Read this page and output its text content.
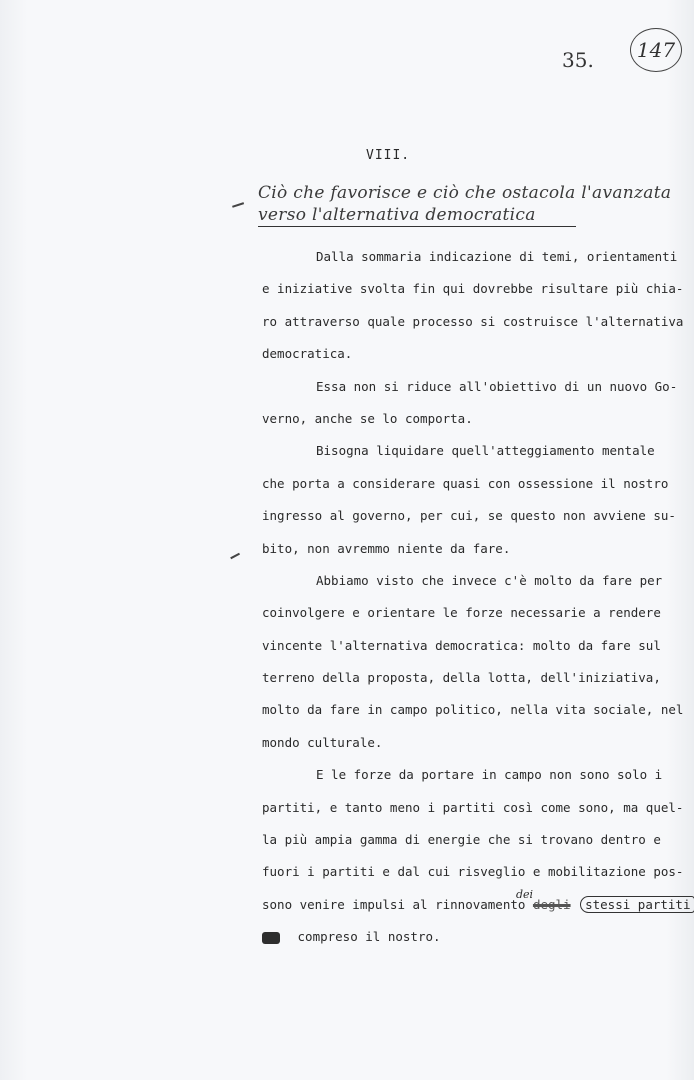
35.	147
VIII.
Ciò che favorisce e ciò che ostacola l'avanzata
verso l'alternativa democratica
Dalla sommaria indicazione di temi, orientamenti
e iniziative svolta fin qui dovrebbe risultare più chia-
ro attraverso quale processo si costruisce l'alternativa
democratica.
Essa non si riduce all'obiettivo di un nuovo Go-
verno, anche se lo comporta.
Bisogna liquidare quell'atteggiamento mentale
che porta a considerare quasi con ossessione il nostro
ingresso al governo, per cui, se questo non avviene su-
bito, non avremmo niente da fare.
Abbiamo visto che invece c'è molto da fare per
coinvolgere e orientare le forze necessarie a rendere
vincente l'alternativa democratica: molto da fare sul
terreno della proposta, della lotta, dell'iniziativa,
molto da fare in campo politico, nella vita sociale, nel
mondo culturale.
E le forze da portare in campo non sono solo i
partiti, e tanto meno i partiti così come sono, ma quel-
la più ampia gamma di energie che si trovano dentro e
fuori i partiti e dal cui risveglio e mobilitazione pos-
sono venire impulsi al rinnovamento degli
dei
stessi partiti
compreso il nostro.
